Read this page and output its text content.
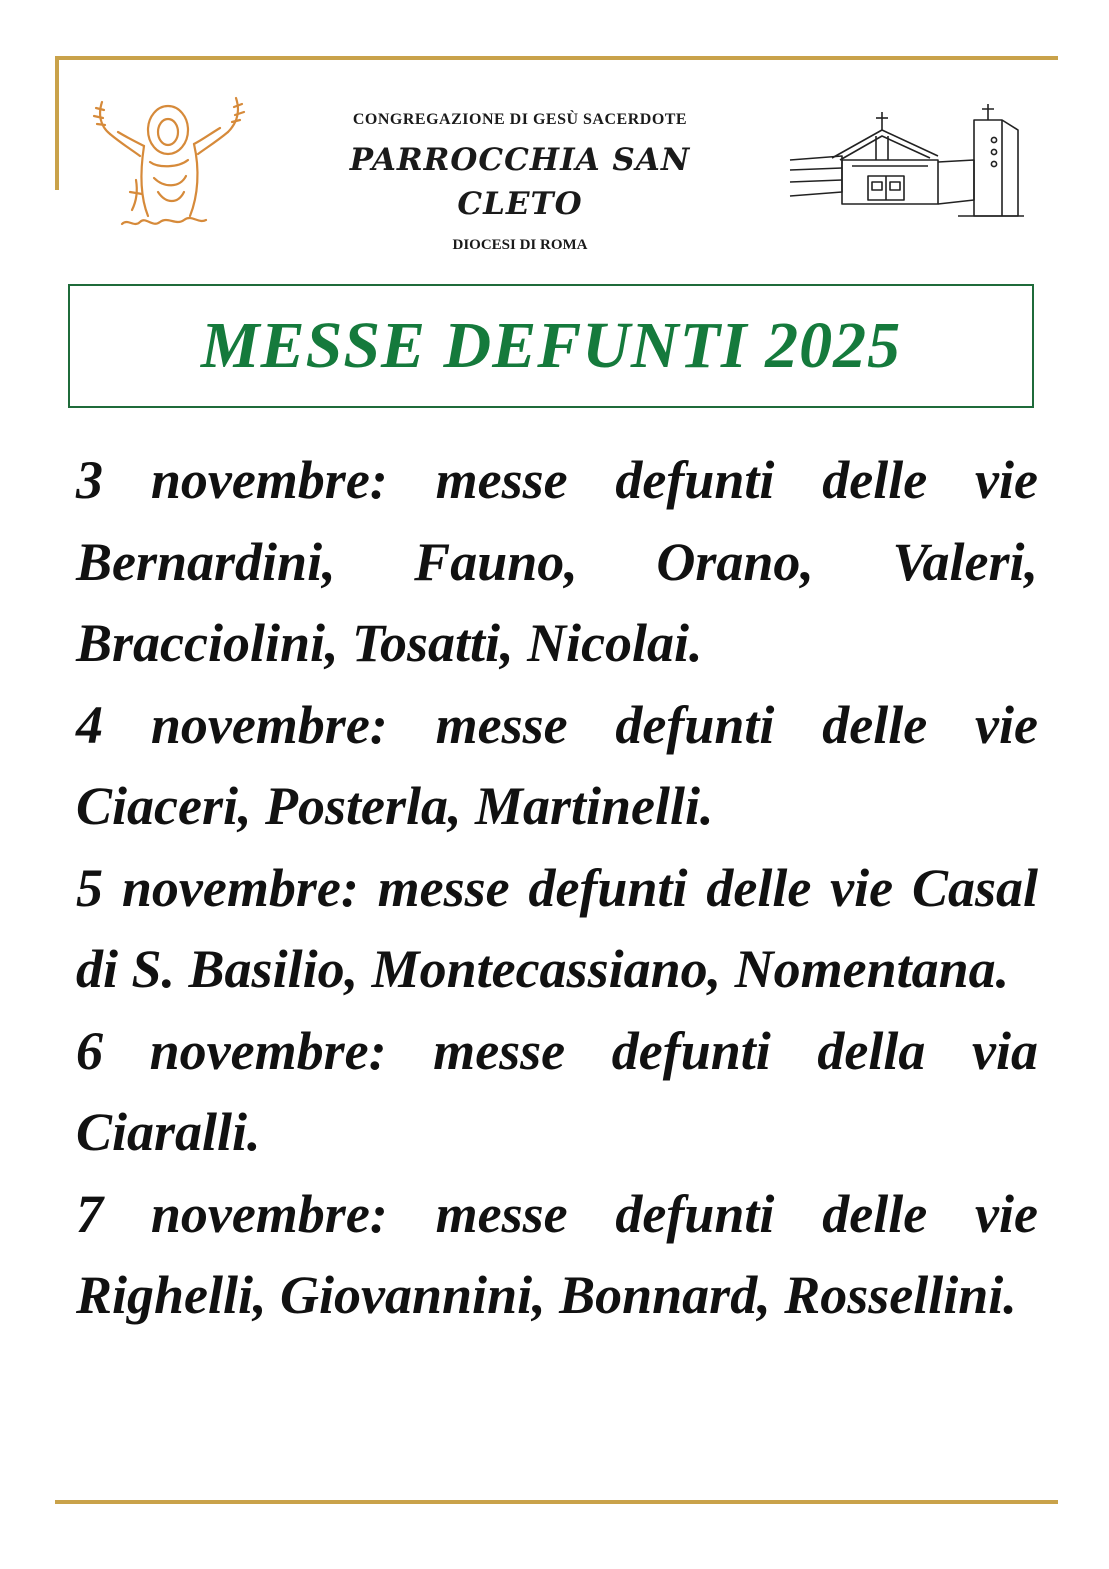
CONGREGAZIONE DI GESÙ SACERDOTE
PARROCCHIA SAN CLETO
DIOCESI DI ROMA
MESSE DEFUNTI 2025

3 novembre: messe defunti delle vie Bernardini, Fauno, Orano, Valeri, Bracciolini, Tosatti, Nicolai.

4 novembre: messe defunti delle vie Ciaceri, Posterla, Martinelli.

5 novembre: messe defunti delle vie Casal di S. Basilio, Montecassiano, Nomentana.

6 novembre: messe defunti della via Ciaralli.

7 novembre: messe defunti delle vie Righelli, Giovannini, Bonnard, Rossellini.
